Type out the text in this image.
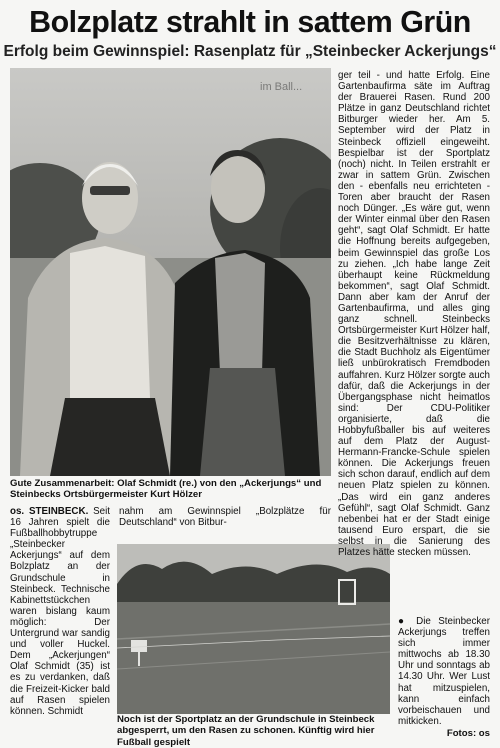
Bolzplatz strahlt in sattem Grün
Erfolg beim Gewinnspiel: Rasenplatz für „Steinbecker Ackerjungs“
im Ball...
Gute Zusammenarbeit: Olaf Schmidt (re.) von den „Ackerjungs“ und Steinbecks Ortsbürgermeister Kurt Hölzer
os. STEINBECK. Seit 16 Jahren spielt die Fußballhobbytruppe „Steinbecker Ackerjungs“ auf dem Bolzplatz an der Grundschule in Steinbeck. Technische Kabinettstückchen waren bislang kaum möglich: Der Untergrund war sandig und voller Huckel. Dem „Ackerjungen“ Olaf Schmidt (35) ist es zu verdanken, daß die Freizeit-Kicker bald auf Rasen spielen können. Schmidt
nahm am Gewinnspiel „Bolzplätze für Deutschland“ von Bitbur-
Noch ist der Sportplatz an der Grundschule in Steinbeck abgesperrt, um den Rasen zu schonen. Künftig wird hier Fußball gespielt
Fotos: os
ger teil - und hatte Erfolg. Eine Gartenbaufirma säte im Auftrag der Brauerei Rasen. Rund 200 Plätze in ganz Deutschland richtet Bitburger wieder her. Am 5. September wird der Platz in Steinbeck offiziell eingeweiht. Bespielbar ist der Sportplatz (noch) nicht. In Teilen erstrahlt er zwar in sattem Grün. Zwischen den - ebenfalls neu errichteten - Toren aber braucht der Rasen noch Dünger. „Es wäre gut, wenn der Winter einmal über den Rasen geht“, sagt Olaf Schmidt. Er hatte die Hoffnung bereits aufgegeben, beim Gewinnspiel das große Los zu ziehen. „Ich habe lange Zeit überhaupt keine Rückmeldung bekommen“, sagt Olaf Schmidt. Dann aber kam der Anruf der Gartenbaufirma, und alles ging ganz schnell. Steinbecks Ortsbürgermeister Kurt Hölzer half, die Besitzverhältnisse zu klären, die Stadt Buchholz als Eigentümer ließ unbürokratisch Fremdboden auffahren. Kurz Hölzer sorgte auch dafür, daß die Ackerjungs in der Übergangsphase nicht heimatlos sind: Der CDU-Politiker organisierte, daß die Hobbyfußballer bis auf weiteres auf dem Platz der August-Hermann-Francke-Schule spielen können. Die Ackerjungs freuen sich schon darauf, endlich auf dem neuen Platz spielen zu können. „Das wird ein ganz anderes Gefühl“, sagt Olaf Schmidt. Ganz nebenbei hat er der Stadt einige tausend Euro erspart, die sie selbst in die Sanierung des Platzes hätte stecken müssen.
● Die Steinbecker Ackerjungs treffen sich immer mittwochs ab 18.30 Uhr und sonntags ab 14.30 Uhr. Wer Lust hat mitzuspielen, kann einfach vorbeischauen und mitkicken.
